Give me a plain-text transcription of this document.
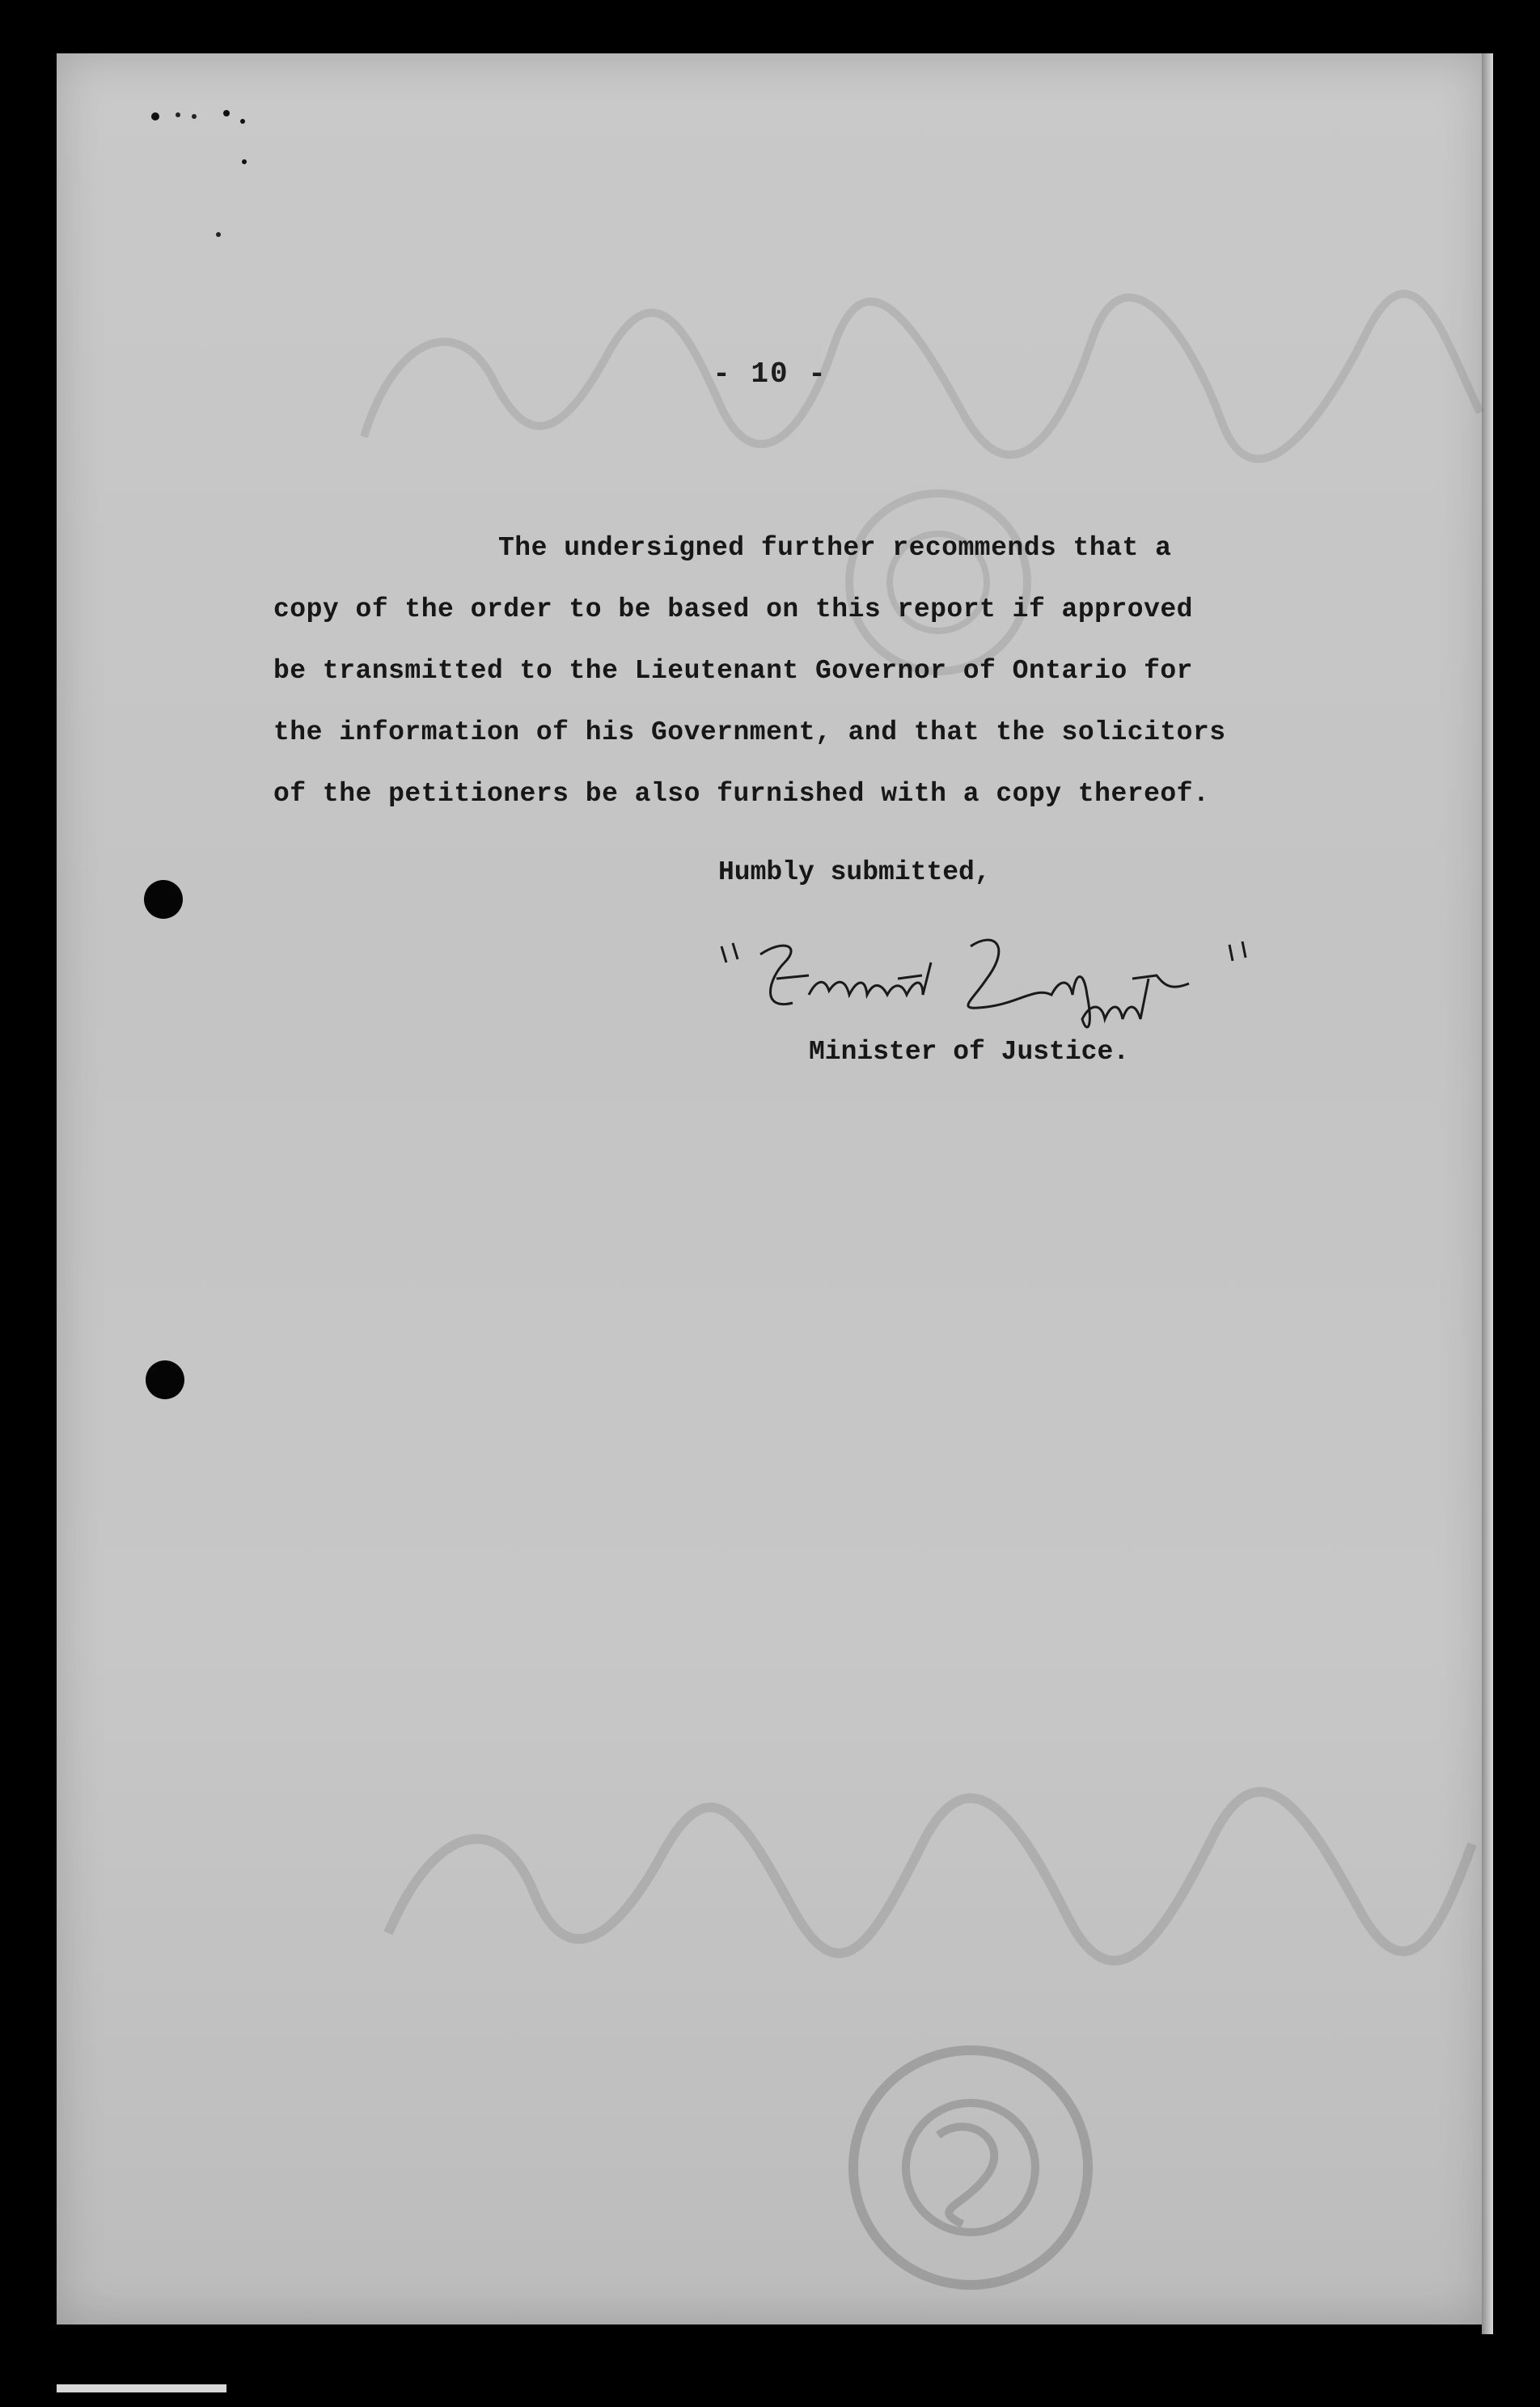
- 10 -
The undersigned further recommends that a
copy of the order to be based on this report if approved
be transmitted to the Lieutenant Governor of Ontario for
the information of his Government, and that the solicitors
of the petitioners be also furnished with a copy thereof.
Humbly submitted,
Minister of Justice.
